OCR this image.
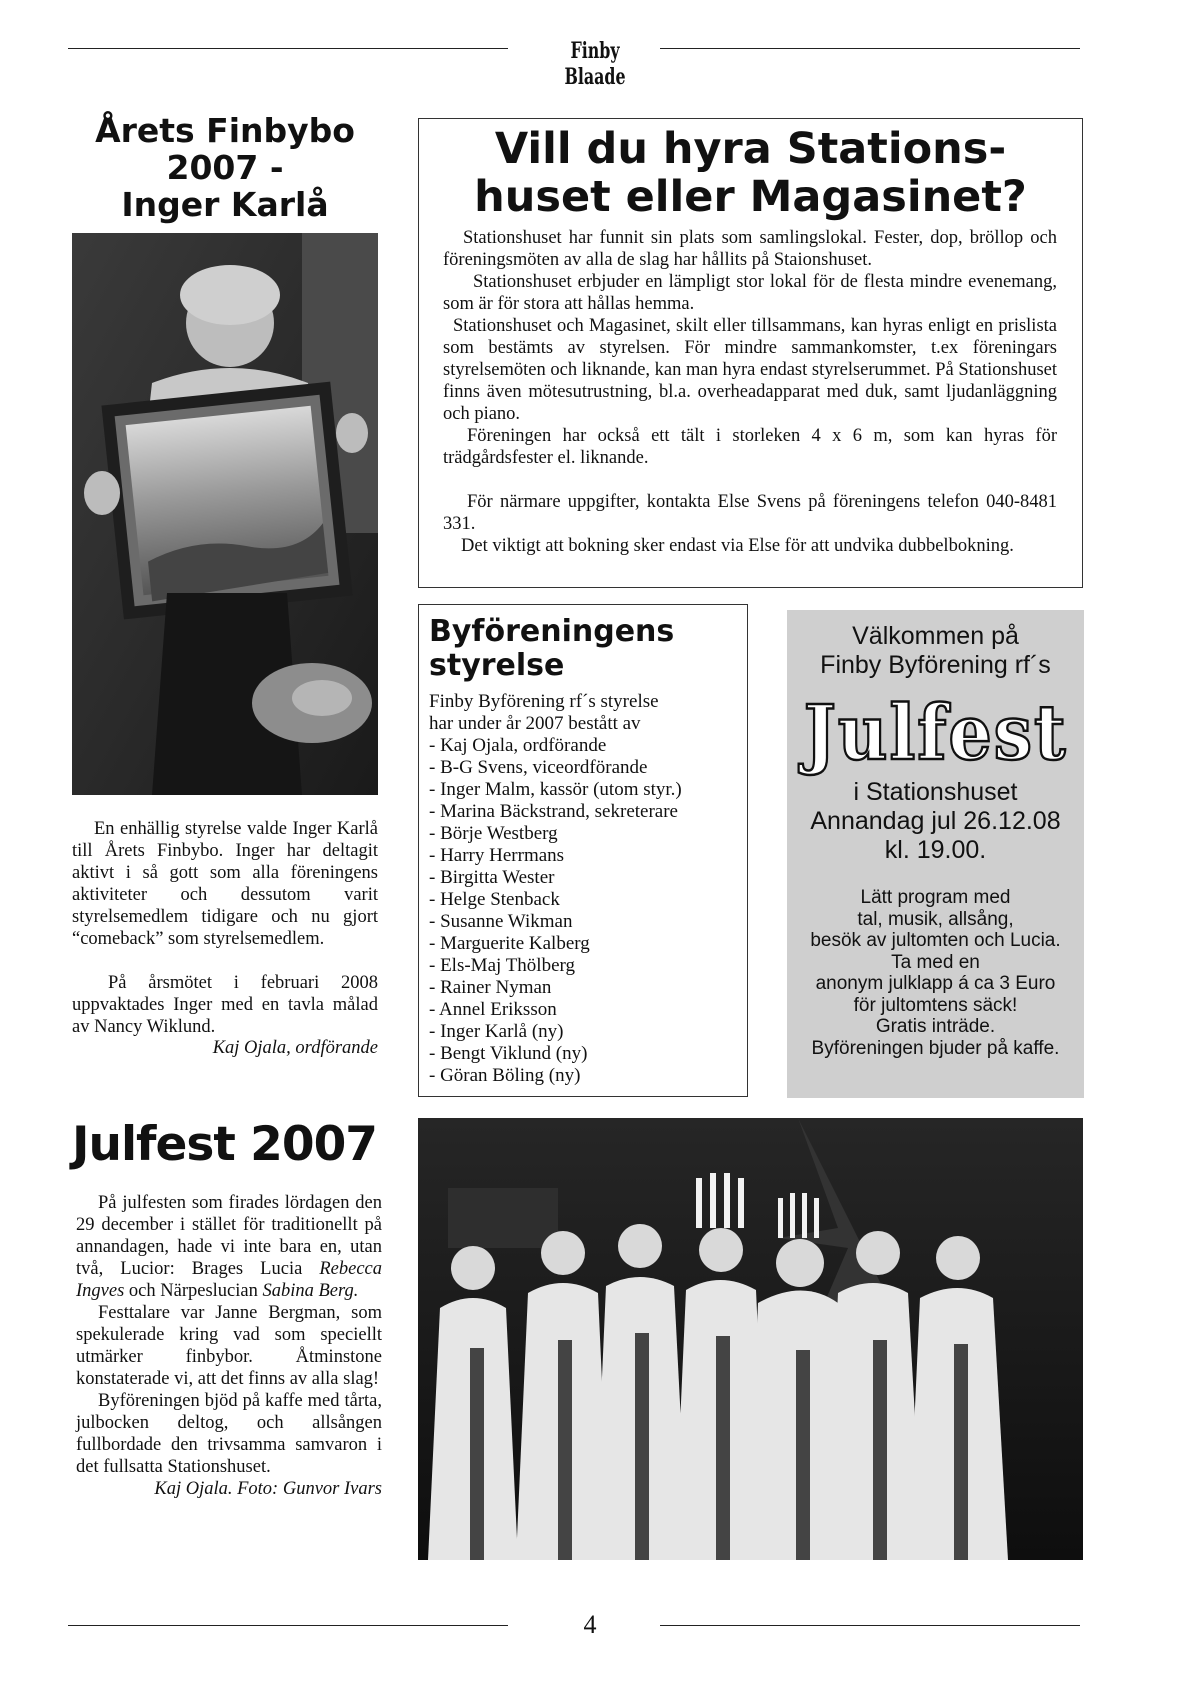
Finby Blaade
Årets Finbybo
2007 -
Inger Karlå
En enhällig styrelse valde Inger Karlå till Årets Finbybo. Inger har deltagit aktivt i så gott som alla föreningens aktiviteter och dessutom varit styrelsemedlem tidigare och nu gjort “comeback” som styrelsemedlem.
På årsmötet i februari 2008 uppvaktades Inger med en tavla målad av Nancy Wiklund.
Kaj Ojala, ordförande
Vill du hyra Stations-
huset eller Magasinet?
Stationshuset har funnit sin plats som samlingslokal. Fester, dop, bröllop och föreningsmöten av alla de slag har hållits på Staionshuset.
Stationshuset erbjuder en lämpligt stor lokal för de flesta mindre evenemang, som är för stora att hållas hemma.
Stationshuset och Magasinet, skilt eller tillsammans, kan hyras enligt en prislista som bestämts av styrelsen. För mindre sammankomster, t.ex föreningars styrelsemöten och liknande, kan man hyra endast styrelserummet. På Stationshuset finns även mötesutrustning, bl.a. overheadapparat med duk, samt ljudanläggning och piano.
Föreningen har också ett tält i storleken 4 x 6 m, som kan hyras för trädgårdsfester el. liknande.
För närmare uppgifter, kontakta Else Svens på föreningens telefon 040-8481 331.
Det viktigt att bokning sker endast via Else för att undvika dubbelbokning.
Byföreningens
styrelse
Finby Byförening rf´s styrelse
har under år 2007 bestått av
- Kaj Ojala, ordförande
- B-G Svens, viceordförande
- Inger Malm, kassör (utom styr.)
- Marina Bäckstrand, sekreterare
- Börje Westberg
- Harry Herrmans
- Birgitta Wester
- Helge Stenback
- Susanne Wikman
- Marguerite Kalberg
- Els-Maj Thölberg
- Rainer Nyman
- Annel Eriksson
- Inger Karlå (ny)
- Bengt Viklund (ny)
- Göran Böling (ny)
Välkommen på
Finby Byförening rf´s
Julfest
i Stationshuset
Annandag jul 26.12.08
kl. 19.00.
Lätt program med
tal, musik, allsång,
besök av jultomten och Lucia.
Ta med en
anonym julklapp á ca 3 Euro
för jultomtens säck!
Gratis inträde.
Byföreningen bjuder på kaffe.
Julfest 2007
På julfesten som firades lördagen den 29 december i stället för traditionellt på annandagen, hade vi inte bara en, utan två, Lucior: Brages Lucia Rebecca Ingves och Närpeslucian Sabina Berg.
Festtalare var Janne Bergman, som spekulerade kring vad som speciellt utmärker finbybor. Åtminstone konstaterade vi, att det finns av alla slag!
Byföreningen bjöd på kaffe med tårta, julbocken deltog, och allsången fullbordade den trivsamma samvaron i det fullsatta Stationshuset.
Kaj Ojala. Foto: Gunvor Ivars
4
